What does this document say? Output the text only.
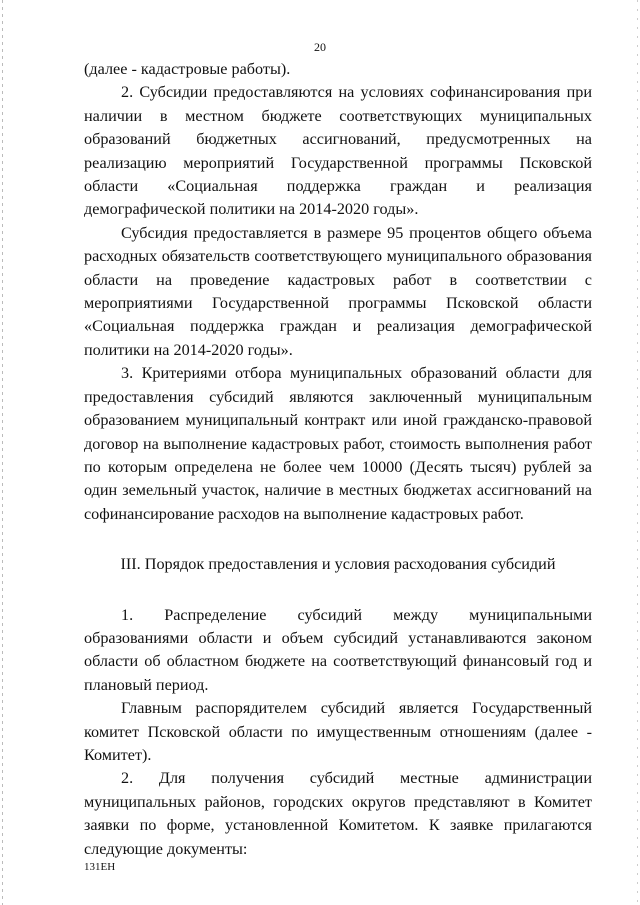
20

(далее - кадастровые работы).

2. Субсидии предоставляются на условиях софинансирования при наличии в местном бюджете соответствующих муниципальных образований бюджетных ассигнований, предусмотренных на реализацию мероприятий Государственной программы Псковской области «Социальная поддержка граждан и реализация демографической политики на 2014-2020 годы».

Субсидия предоставляется в размере 95 процентов общего объема расходных обязательств соответствующего муниципального образования области на проведение кадастровых работ в соответствии с мероприятиями Государственной программы Псковской области «Социальная поддержка граждан и реализация демографической политики на 2014-2020 годы».

3. Критериями отбора муниципальных образований области для предоставления субсидий являются заключенный муниципальным образованием муниципальный контракт или иной гражданско-правовой договор на выполнение кадастровых работ, стоимость выполнения работ по которым определена не более чем 10000 (Десять тысяч) рублей за один земельный участок, наличие в местных бюджетах ассигнований на софинансирование расходов на выполнение кадастровых работ.

III. Порядок предоставления и условия расходования субсидий

1. Распределение субсидий между муниципальными образованиями области и объем субсидий устанавливаются законом области об областном бюджете на соответствующий финансовый год и плановый период.

Главным распорядителем субсидий является Государственный комитет Псковской области по имущественным отношениям (далее - Комитет).

2. Для получения субсидий местные администрации муниципальных районов, городских округов представляют в Комитет заявки по форме, установленной Комитетом. К заявке прилагаются следующие документы:

131ЕН
